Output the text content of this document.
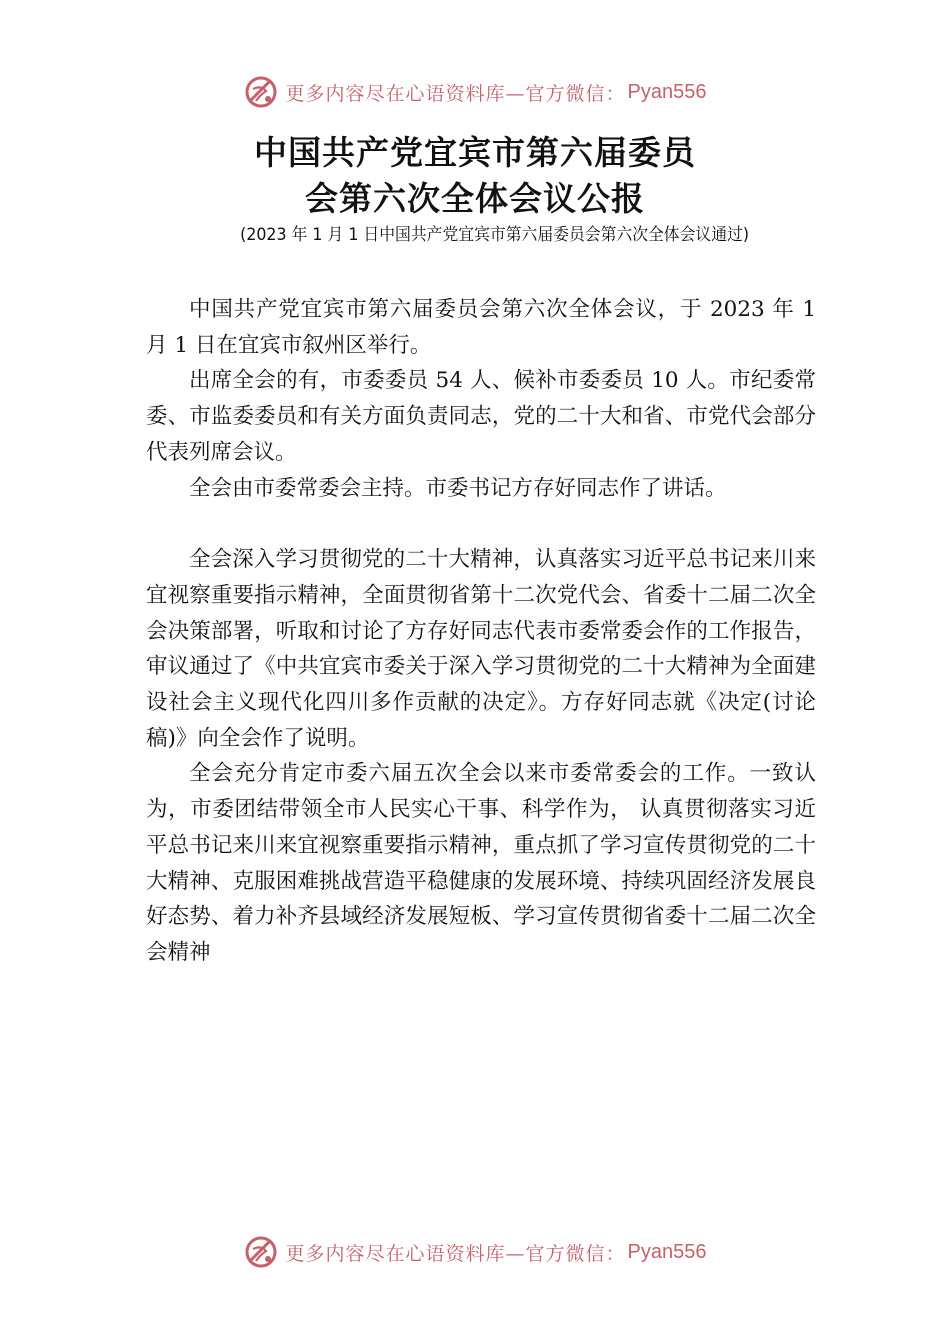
更多内容尽在心语资料库—官方微信： Pyan556
中国共产党宜宾市第六届委员
会第六次全体会议公报
(2023 年 1 月 1 日中国共产党宜宾市第六届委员会第六次全体会议通过)

中国共产党宜宾市第六届委员会第六次全体会议，于 2023 年 1 月 1 日在宜宾市叙州区举行。

出席全会的有，市委委员 54 人、候补市委委员 10 人。市纪委常委、市监委委员和有关方面负责同志，党的二十大和省、市党代会部分代表列席会议。

全会由市委常委会主持。市委书记方存好同志作了讲话。

全会深入学习贯彻党的二十大精神，认真落实习近平总书记来川来宜视察重要指示精神，全面贯彻省第十二次党代会、省委十二届二次全会决策部署，听取和讨论了方存好同志代表市委常委会作的工作报告，审议通过了《中共宜宾市委关于深入学习贯彻党的二十大精神为全面建设社会主义现代化四川多作贡献的决定》。方存好同志就《决定(讨论稿)》向全会作了说明。

全会充分肯定市委六届五次全会以来市委常委会的工作。一致认为，市委团结带领全市人民实心干事、科学作为， 认真贯彻落实习近平总书记来川来宜视察重要指示精神，重点抓了学习宣传贯彻党的二十大精神、克服困难挑战营造平稳健康的发展环境、持续巩固经济发展良好态势、着力补齐县域经济发展短板、学习宣传贯彻省委十二届二次全会精神

更多内容尽在心语资料库—官方微信： Pyan556
